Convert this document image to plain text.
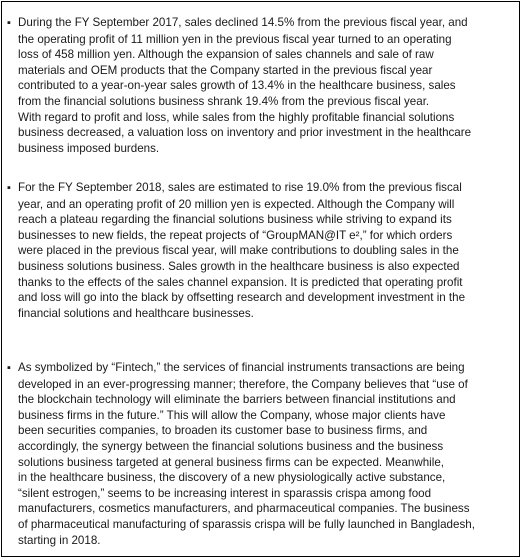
▪ During the FY September 2017, sales declined 14.5% from the previous fiscal year, and
the operating profit of 11 million yen in the previous fiscal year turned to an operating
loss of 458 million yen. Although the expansion of sales channels and sale of raw
materials and OEM products that the Company started in the previous fiscal year
contributed to a year-on-year sales growth of 13.4% in the healthcare business, sales
from the financial solutions business shrank 19.4% from the previous fiscal year.
With regard to profit and loss, while sales from the highly profitable financial solutions
business decreased, a valuation loss on inventory and prior investment in the healthcare
business imposed burdens.
▪ For the FY September 2018, sales are estimated to rise 19.0% from the previous fiscal
year, and an operating profit of 20 million yen is expected. Although the Company will
reach a plateau regarding the financial solutions business while striving to expand its
businesses to new fields, the repeat projects of “GroupMAN@IT e²,” for which orders
were placed in the previous fiscal year, will make contributions to doubling sales in the
business solutions business. Sales growth in the healthcare business is also expected
thanks to the effects of the sales channel expansion. It is predicted that operating profit
and loss will go into the black by offsetting research and development investment in the
financial solutions and healthcare businesses.
▪ As symbolized by “Fintech,” the services of financial instruments transactions are being
developed in an ever-progressing manner; therefore, the Company believes that “use of
the blockchain technology will eliminate the barriers between financial institutions and
business firms in the future.” This will allow the Company, whose major clients have
been securities companies, to broaden its customer base to business firms, and
accordingly, the synergy between the financial solutions business and the business
solutions business targeted at general business firms can be expected. Meanwhile,
in the healthcare business, the discovery of a new physiologically active substance,
“silent estrogen,” seems to be increasing interest in sparassis crispa among food
manufacturers, cosmetics manufacturers, and pharmaceutical companies. The business
of pharmaceutical manufacturing of sparassis crispa will be fully launched in Bangladesh,
starting in 2018.
